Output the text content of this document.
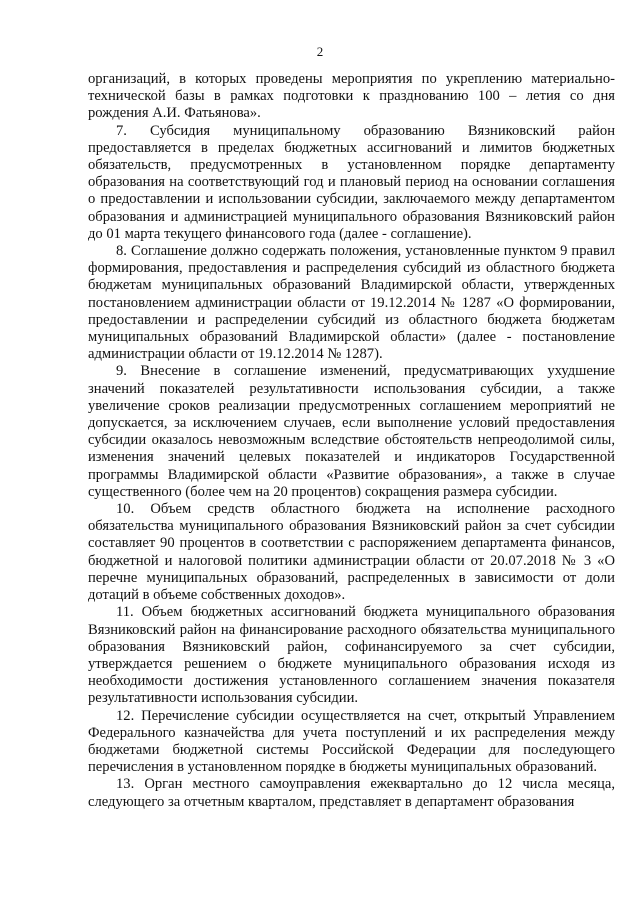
2

организаций, в которых проведены мероприятия по укреплению материально-технической базы в рамках подготовки к празднованию 100 – летия со дня рождения А.И. Фатьянова».

7. Субсидия муниципальному образованию Вязниковский район предоставляется в пределах бюджетных ассигнований и лимитов бюджетных обязательств, предусмотренных в установленном порядке департаменту образования на соответствующий год и плановый период на основании соглашения о предоставлении и использовании субсидии, заключаемого между департаментом образования и администрацией муниципального образования Вязниковский район до 01 марта текущего финансового года (далее - соглашение).

8. Соглашение должно содержать положения, установленные пунктом 9 правил формирования, предоставления и распределения субсидий из областного бюджета бюджетам муниципальных образований Владимирской области, утвержденных постановлением администрации области от 19.12.2014 № 1287 «О формировании, предоставлении и распределении субсидий из областного бюджета бюджетам муниципальных образований Владимирской области» (далее - постановление администрации области от 19.12.2014 № 1287).

9. Внесение в соглашение изменений, предусматривающих ухудшение значений показателей результативности использования субсидии, а также увеличение сроков реализации предусмотренных соглашением мероприятий не допускается, за исключением случаев, если выполнение условий предоставления субсидии оказалось невозможным вследствие обстоятельств непреодолимой силы, изменения значений целевых показателей и индикаторов Государственной программы Владимирской области «Развитие образования», а также в случае существенного (более чем на 20 процентов) сокращения размера субсидии.

10. Объем средств областного бюджета на исполнение расходного обязательства муниципального образования Вязниковский район за счет субсидии составляет 90 процентов в соответствии с распоряжением департамента финансов, бюджетной и налоговой политики администрации области от 20.07.2018 № 3 «О перечне муниципальных образований, распределенных в зависимости от доли дотаций в объеме собственных доходов».

11. Объем бюджетных ассигнований бюджета муниципального образования Вязниковский район на финансирование расходного обязательства муниципального образования Вязниковский район, софинансируемого за счет субсидии, утверждается решением о бюджете муниципального образования исходя из необходимости достижения установленного соглашением значения показателя результативности использования субсидии.

12. Перечисление субсидии осуществляется на счет, открытый Управлением Федерального казначейства для учета поступлений и их распределения между бюджетами бюджетной системы Российской Федерации для последующего перечисления в установленном порядке в бюджеты муниципальных образований.

13. Орган местного самоуправления ежеквартально до 12 числа месяца, следующего за отчетным кварталом, представляет в департамент образования
